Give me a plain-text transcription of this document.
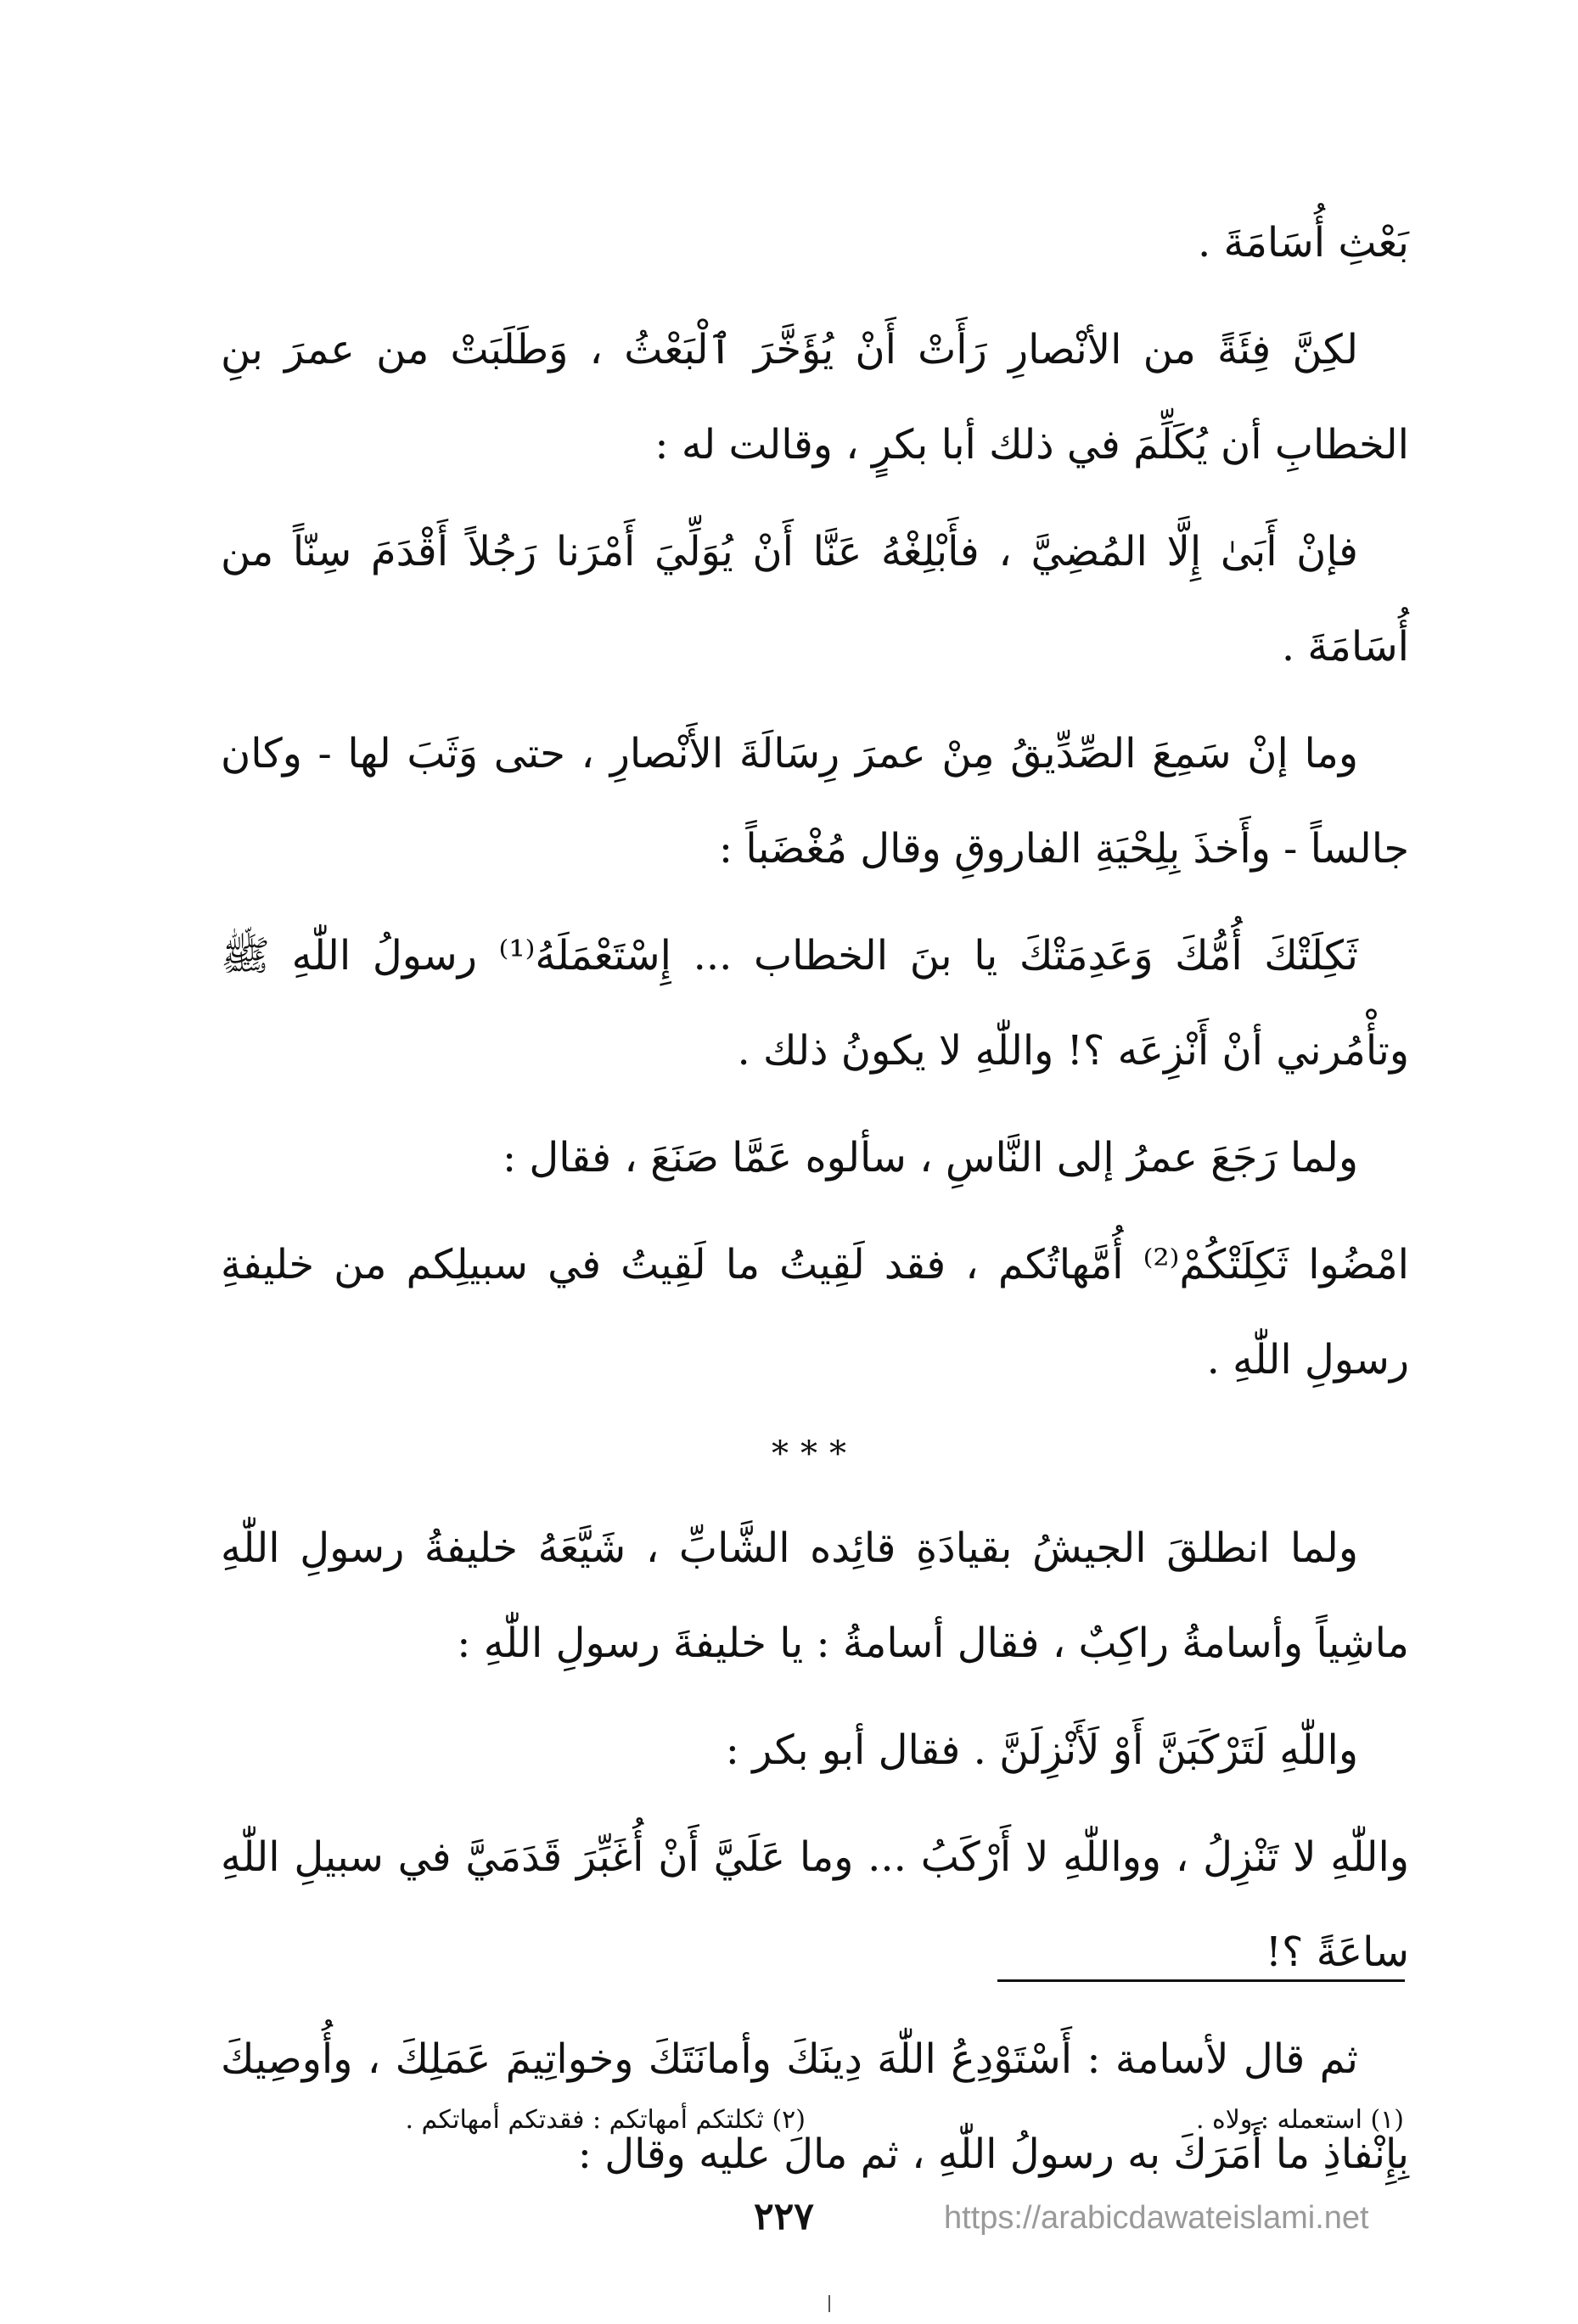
بَعْثِ أُسَامَةَ .

لكِنَّ فِئَةً من الأنْصارِ رَأَتْ أَنْ يُؤَخَّرَ ٱلْبَعْثُ ، وَطَلَبَتْ من عمرَ بنِ الخطابِ أن يُكَلِّمَ في ذلك أبا بكرٍ ، وقالت له :

فإنْ أَبَىٰ إِلَّا المُضِيَّ ، فأَبْلِغْهُ عَنَّا أَنْ يُوَلِّيَ أَمْرَنا رَجُلاً أَقْدَمَ سِنّاً من أُسَامَةَ .

وما إنْ سَمِعَ الصِّدِّيقُ مِنْ عمرَ رِسَالَةَ الأَنْصارِ ، حتى وَثَبَ لها - وكان جالساً - وأَخذَ بِلِحْيَةِ الفاروقِ وقال مُغْضَباً :

ثَكِلَتْكَ أُمُّكَ وَعَدِمَتْكَ يا بنَ الخطاب ... إِسْتَعْمَلَهُ⁽¹⁾ رسولُ اللّٰهِ ﷺ وتأْمُرني أنْ أَنْزِعَه ؟! واللّٰهِ لا يكونُ ذلك .

ولما رَجَعَ عمرُ إلى النَّاسِ ، سألوه عَمَّا صَنَعَ ، فقال :

امْضُوا ثَكِلَتْكُمْ⁽²⁾ أُمَّهاتُكم ، فقد لَقِيتُ ما لَقِيتُ في سبيلِكم من خليفةِ رسولِ اللّٰهِ .

***

ولما انطلقَ الجيشُ بقيادَةِ قائِده الشَّابِّ ، شَيَّعَهُ خليفةُ رسولِ اللّٰهِ ماشِياً وأسامةُ راكِبٌ ، فقال أسامةُ : يا خليفةَ رسولِ اللّٰهِ :

واللّٰهِ لَتَرْكَبَنَّ أَوْ لَأَنْزِلَنَّ . فقال أبو بكر :

واللّٰهِ لا تَنْزِلُ ، وواللّٰهِ لا أَرْكَبُ ... وما عَلَيَّ أَنْ أُغَبِّرَ قَدَمَيَّ في سبيلِ اللّٰهِ ساعَةً ؟!

ثم قال لأسامة : أَسْتَوْدِعُ اللّٰهَ دِينَكَ وأمانَتَكَ وخواتِيمَ عَمَلِكَ ، وأُوصِيكَ بِإِنْفاذِ ما أَمَرَكَ به رسولُ اللّٰهِ ، ثم مالَ عليه وقال :

(١) استعمله : ولاه .
(٢) ثكلتكم أمهاتكم : فقدتكم أمهاتكم .
٢٢٧	https://arabicdawateislami.net
